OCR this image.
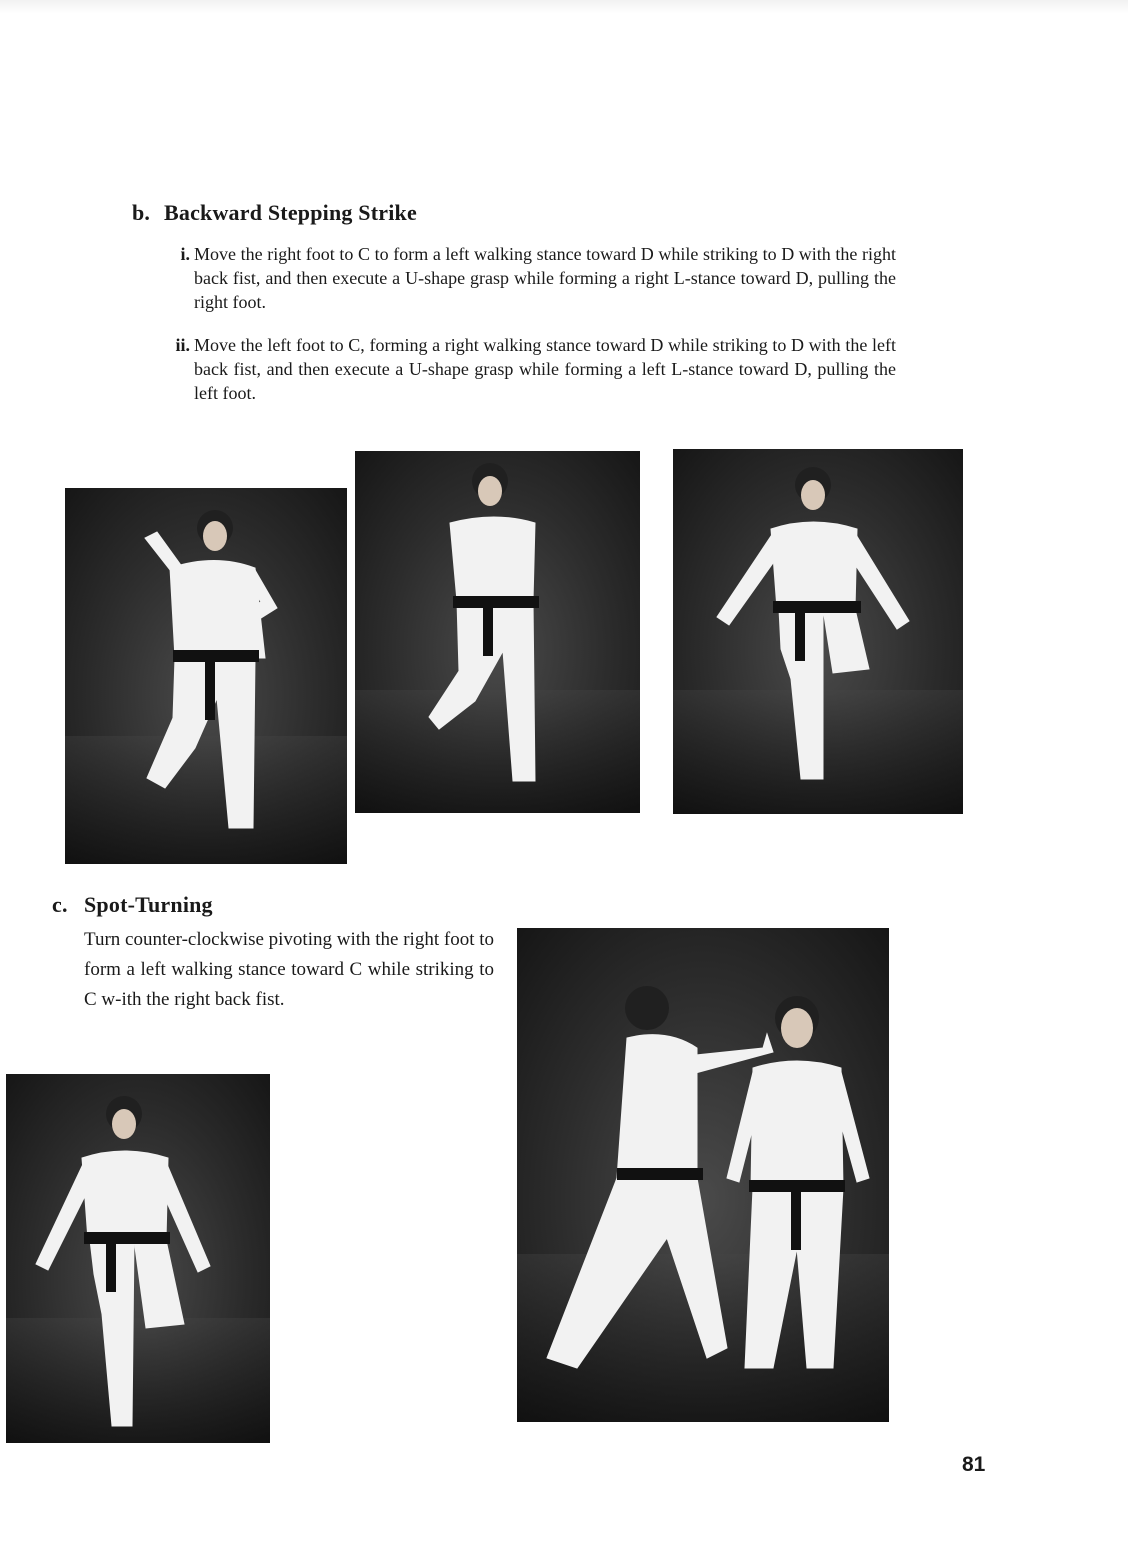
b. Backward Stepping Strike
i. Move the right foot to C to form a left walking stance toward D while striking to D with the right back fist, and then execute a U-shape grasp while forming a right L-stance toward D, pulling the right foot.
ii. Move the left foot to C, forming a right walking stance toward D while striking to D with the left back fist, and then execute a U-shape grasp while forming a left L-stance toward D, pulling the left foot.
c. Spot-Turning
Turn counter-clockwise pivoting with the right foot to form a left walking stance toward C while striking to C w-ith the right back fist.
81
